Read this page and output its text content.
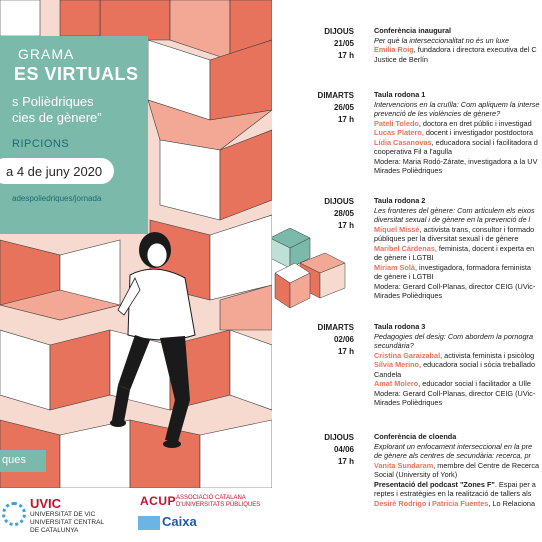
GRAMA
ES VIRTUALS
s Polièdriques
cies de gènere”
RIPCIONS
a 4 de juny 2020
adespoliedriques/jornada
ques
UVIC
UNIVERSITAT DE VIC
UNIVERSITAT CENTRAL
DE CATALUNYA
ACUP ASSOCIACIÓ CATALANA
D'UNIVERSITATS PÚBLIQUES
Caixa
DIJOUS
21/05
17 h
Conferència inaugural
Per què la interseccionalitat no és un luxe
Emilia Roig, fundadora i directora executiva del C
Justice de Berlín
DIMARTS
26/05
17 h
Taula rodona 1
Intervencions en la cruïlla: Com apliquem la interse
prevenció de les violències de gènere?
Pateli Toledo, doctora en dret públic i investigad
Lucas Platero, docent i investigador postdoctora
Lídia Casanovas, educadora social i facilitadora d
cooperativa Fil a l'agulla
Modera: Maria Rodó-Zárate, investigadora a la UV
Mirades Polièdriques
DIJOUS
28/05
17 h
Taula rodona 2
Les fronteres del gènere: Com articulem els eixos
diversitat sexual i de gènere en la prevenció de l
Miquel Missé, activista trans, consultor i formado
públiques per la diversitat sexual i de gènere
Maribel Cárdenas, feminista, docent i experta en
de gènere i LGTBI
Miriam Solà, investigadora, formadora feminista
de gènere i LGTBI
Modera: Gerard Coll-Planas, director CEIG (UVic-
Mirades Polièdriques
DIMARTS
02/06
17 h
Taula rodona 3
Pedagogies del desig: Com abordem la pornogra
secundària?
Cristina Garaizabal, activista feminista i psicòlog
Sílvia Merino, educadora social i sòcia treballado
Candela
Amat Molero, educador social i facilitador a Ulle
Modera: Gerard Coll-Planas, director CEIG (UVic-
Mirades Polièdriques
DIJOUS
04/06
17 h
Conferència de cloenda
Explorant un enfocament interseccional en la pre
de gènere als centres de secundària: recerca, pr
Vanita Sundaram, membre del Centre de Recerca
Social (University of York)
Presentació del podcast "Zones F". Espai per a
reptes i estratègies en la realització de tallers als
Desiré Rodrigo i Patricia Fuentes, Lo Relaciona
